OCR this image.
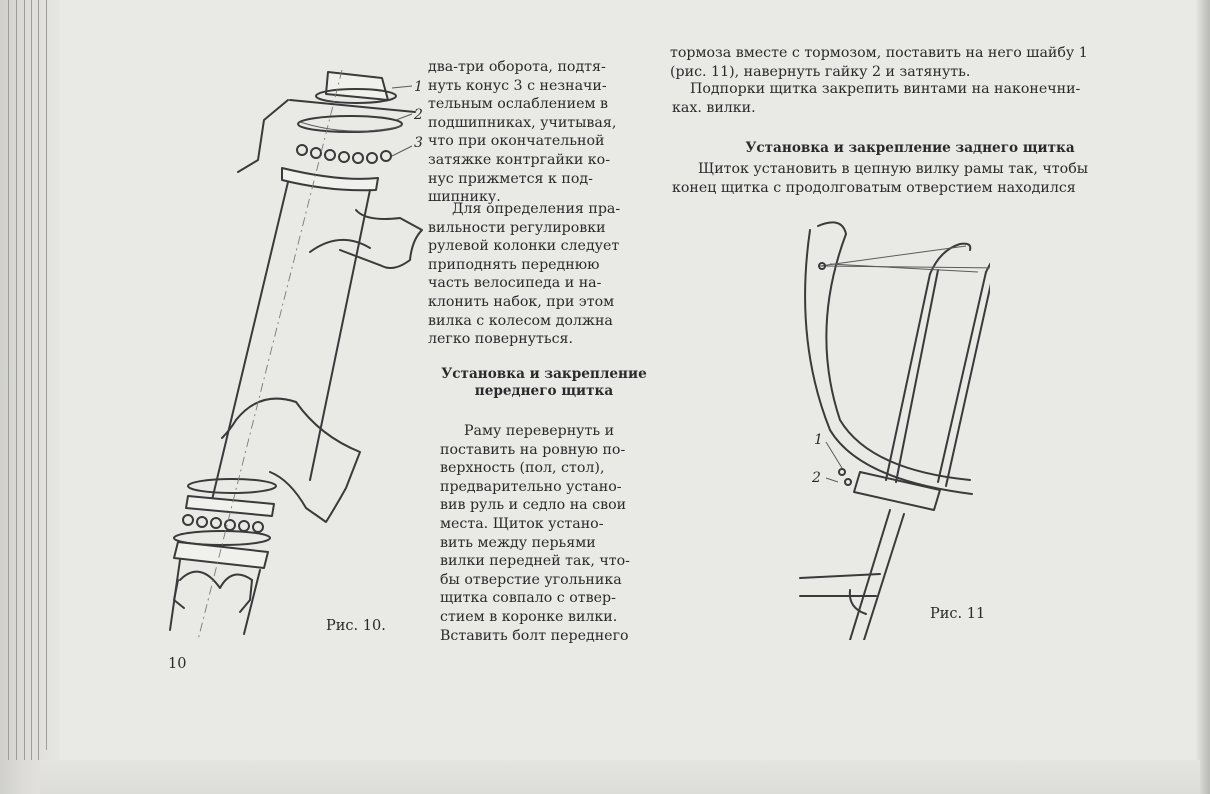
1
2
3

Рис. 10.

два-три оборота, подтя-
нуть конус 3 с незначи-
тельным ослаблением в
подшипниках, учитывая,
что при окончательной
затяжке контргайки ко-
нус прижмется к под-
шипнику.

Для определения пра-
вильности регулировки
рулевой колонки следует
приподнять переднюю
часть велосипеда и на-
клонить набок, при этом
вилка с колесом должна
легко повернуться.

Установка и закрепление
переднего щитка

Раму перевернуть и
поставить на ровную по-
верхность (пол, стол),
предварительно устано-
вив руль и седло на свои
места. Щиток устано-
вить между перьями
вилки передней так, что-
бы отверстие угольника
щитка совпало с отвер-
стием в коронке вилки.
Вставить болт переднего

тормоза вместе с тормозом, поставить на него шайбу 1
(рис. 11), навернуть гайку 2 и затянуть.

Подпорки щитка закрепить винтами на наконечни-
ках. вилки.

Установка и закрепление заднего щитка

Щиток установить в цепную вилку рамы так, чтобы
конец щитка с продолговатым отверстием находился

1
2

Рис. 11

10
